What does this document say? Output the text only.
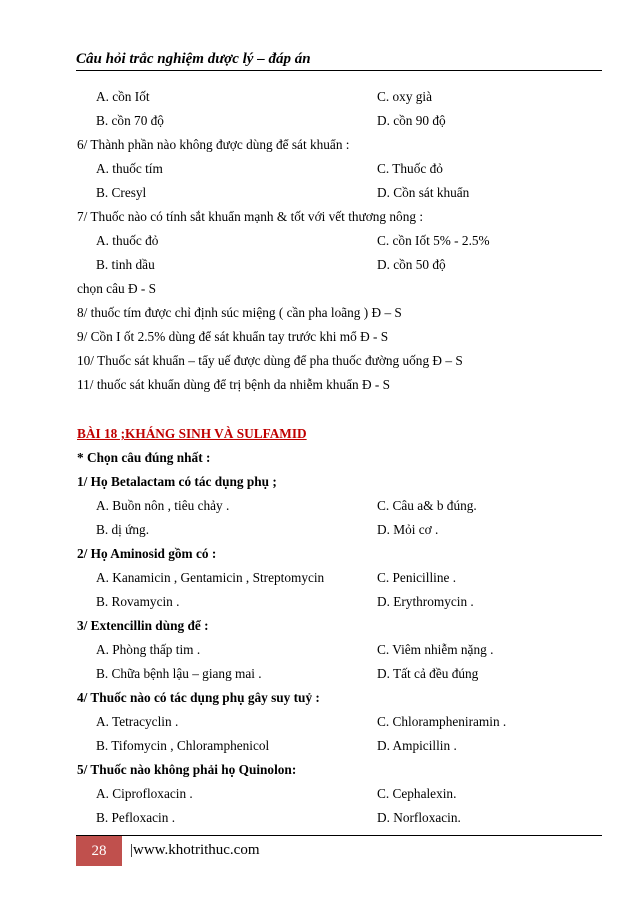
Câu hỏi trắc nghiệm dược lý – đáp án
A. cồn Iốt	C. oxy già
B. cồn 70 độ	D. cồn 90 độ
6/ Thành phần nào không được dùng để sát khuẩn :
A. thuốc tím	C. Thuốc đỏ
B. Cresyl	D. Cồn sát khuẩn
7/ Thuốc nào có tính sắt khuẩn mạnh & tốt với vết thương nông :
A. thuốc đỏ	C. cồn Iốt 5% - 2.5%
B. tinh dầu	D. cồn 50 độ
chọn câu Đ - S
8/ thuốc tím được chỉ định súc miệng ( cần pha loãng ) Đ – S
9/ Cồn I ốt 2.5% dùng để sát khuẩn tay trước khi mổ Đ - S
10/ Thuốc sát khuẩn – tẩy uế được dùng để pha thuốc đường uống Đ – S
11/ thuốc sát khuẩn dùng để trị bệnh da nhiễm khuẩn Đ - S
BÀI 18 ;KHÁNG SINH VÀ SULFAMID
* Chọn câu đúng nhất :
1/ Họ Betalactam có tác dụng phụ ;
A. Buồn nôn , tiêu chảy .	C. Câu a& b đúng.
B. dị ứng.	D. Mỏi cơ .
2/ Họ Aminosid gồm có :
A. Kanamicin , Gentamicin , Streptomycin	C. Penicilline .
B. Rovamycin .	D. Erythromycin .
3/ Extencillin dùng để :
A. Phòng thấp tim .	C. Viêm nhiễm nặng .
B. Chữa bệnh lậu – giang mai .	D. Tất cả đều đúng
4/ Thuốc nào có tác dụng phụ gây suy tuỷ :
A. Tetracyclin .	C. Chlorampheniramin .
B. Tifomycin , Chloramphenicol	D. Ampicillin .
5/ Thuốc nào không phải họ Quinolon:
A. Ciprofloxacin .	C. Cephalexin.
B. Pefloxacin .	D. Norfloxacin.
28	|www.khotrithuc.com
